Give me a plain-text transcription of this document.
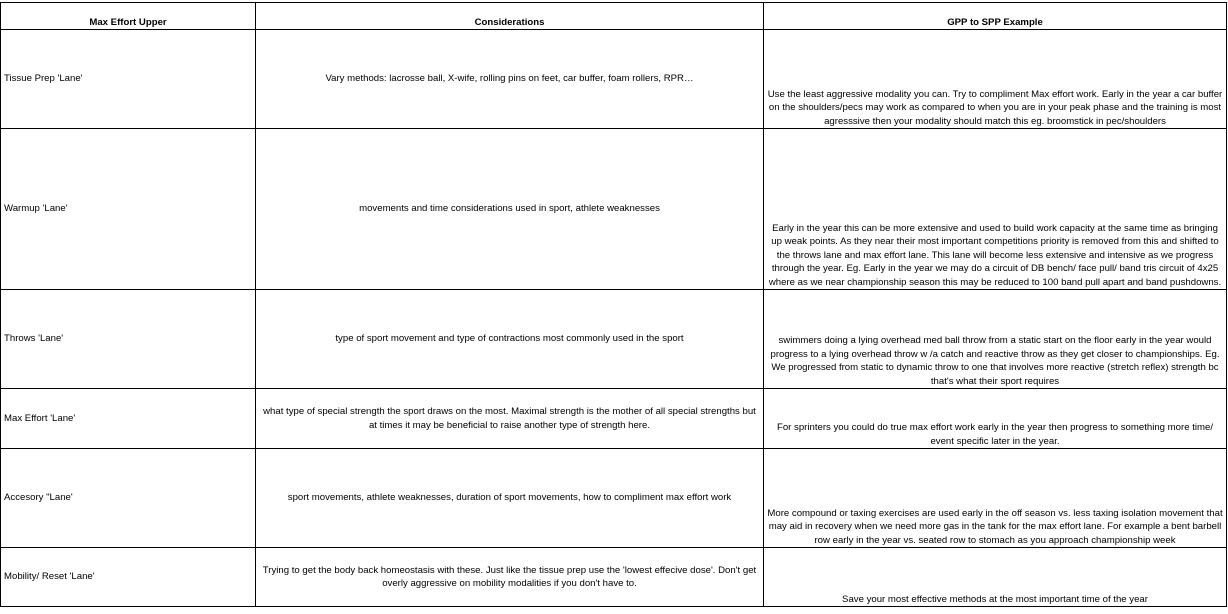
Max Effort Upper	Considerations	GPP to SPP Example
Tissue Prep 'Lane'	Vary methods: lacrosse ball, X-wife, rolling pins on feet, car buffer, foam rollers, RPR…	Use the least aggressive modality you can. Try to compliment Max effort work. Early in the year a car buffer on the shoulders/pecs may work as compared to when you are in your peak phase and the training is most agresssive then your modality should match this eg. broomstick in pec/shoulders
Warmup 'Lane'	movements and time considerations used in sport, athlete weaknesses	Early in the year this can be more extensive and used to build work capacity at the same time as bringing up weak points. As they near their most important competitions priority is removed from this and shifted to the throws lane and max effort lane. This lane will become less extensive and intensive as we progress through the year. Eg. Early in the year we may do a circuit of DB bench/ face pull/ band tris circuit of 4x25 where as we near championship season this may be reduced to 100 band pull apart and band pushdowns.
Throws 'Lane'	type of sport movement and type of contractions most commonly used in the sport	swimmers doing a lying overhead med ball throw from a static start on the floor early in the year would progress to a lying overhead throw w /a catch and reactive throw as they get closer to championships. Eg. We progressed from static to dynamic throw to one that involves more reactive (stretch reflex) strength bc that's what their sport requires
Max Effort 'Lane'	what type of special strength the sport draws on the most. Maximal strength is the mother of all special strengths but at times it may be beneficial to raise another type of strength here.	For sprinters you could do true max effort work early in the year then progress to something more time/ event specific later in the year.
Accesory "Lane'	sport movements, athlete weaknesses, duration of sport movements, how to compliment max effort work	More compound or taxing exercises are used early in the off season vs. less taxing isolation movement that may aid in recovery when we need more gas in the tank for the max effort lane. For example a bent barbell row early in the year vs. seated row to stomach as you approach championship week
Mobility/ Reset 'Lane'	Trying to get the body back homeostasis with these. Just like the tissue prep use the 'lowest effecive dose'. Don't get overly aggressive on mobility modalities if you don't have to.	Save your most effective methods at the most important time of the year
